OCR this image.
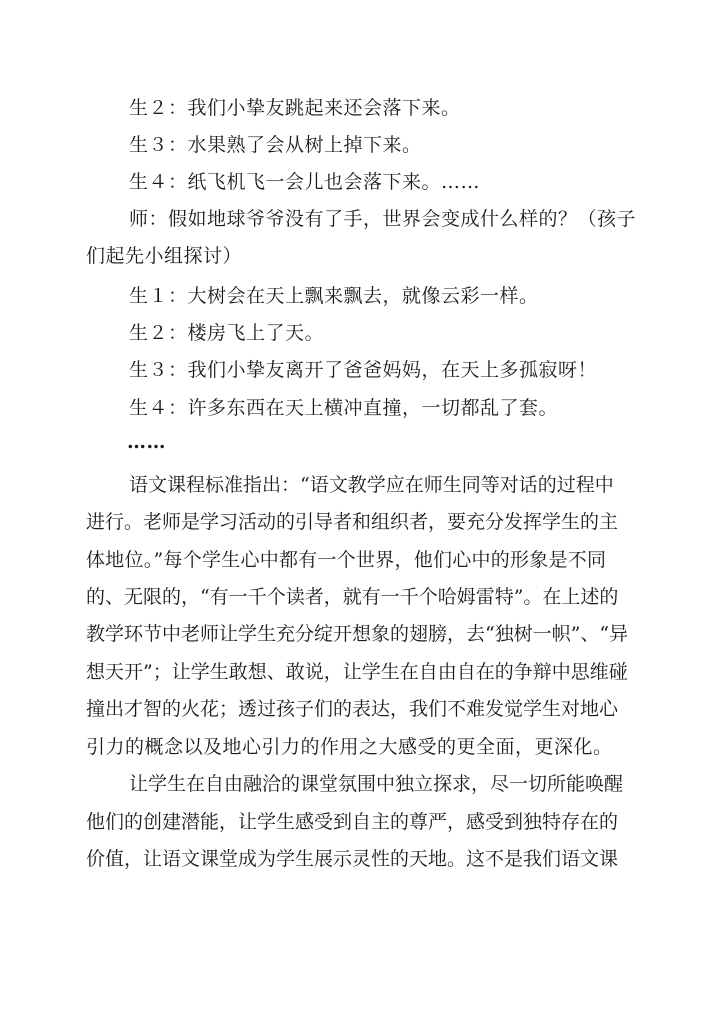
生２：我们小挚友跳起来还会落下来。
生３：水果熟了会从树上掉下来。
生４：纸飞机飞一会儿也会落下来。……
师：假如地球爷爷没有了手，世界会变成什么样的？（孩子
们起先小组探讨）
生１：大树会在天上飘来飘去，就像云彩一样。
生２：楼房飞上了天。
生３：我们小挚友离开了爸爸妈妈，在天上多孤寂呀！
生４：许多东西在天上横冲直撞，一切都乱了套。
……
语文课程标准指出：“语文教学应在师生同等对话的过程中
进行。老师是学习活动的引导者和组织者，要充分发挥学生的主
体地位。”每个学生心中都有一个世界，他们心中的形象是不同
的、无限的，“有一千个读者，就有一千个哈姆雷特”。在上述的
教学环节中老师让学生充分绽开想象的翅膀，去“独树一帜”、“异
想天开”；让学生敢想、敢说，让学生在自由自在的争辩中思维碰
撞出才智的火花；透过孩子们的表达，我们不难发觉学生对地心
引力的概念以及地心引力的作用之大感受的更全面，更深化。
让学生在自由融洽的课堂氛围中独立探求，尽一切所能唤醒
他们的创建潜能，让学生感受到自主的尊严，感受到独特存在的
价值，让语文课堂成为学生展示灵性的天地。这不是我们语文课
